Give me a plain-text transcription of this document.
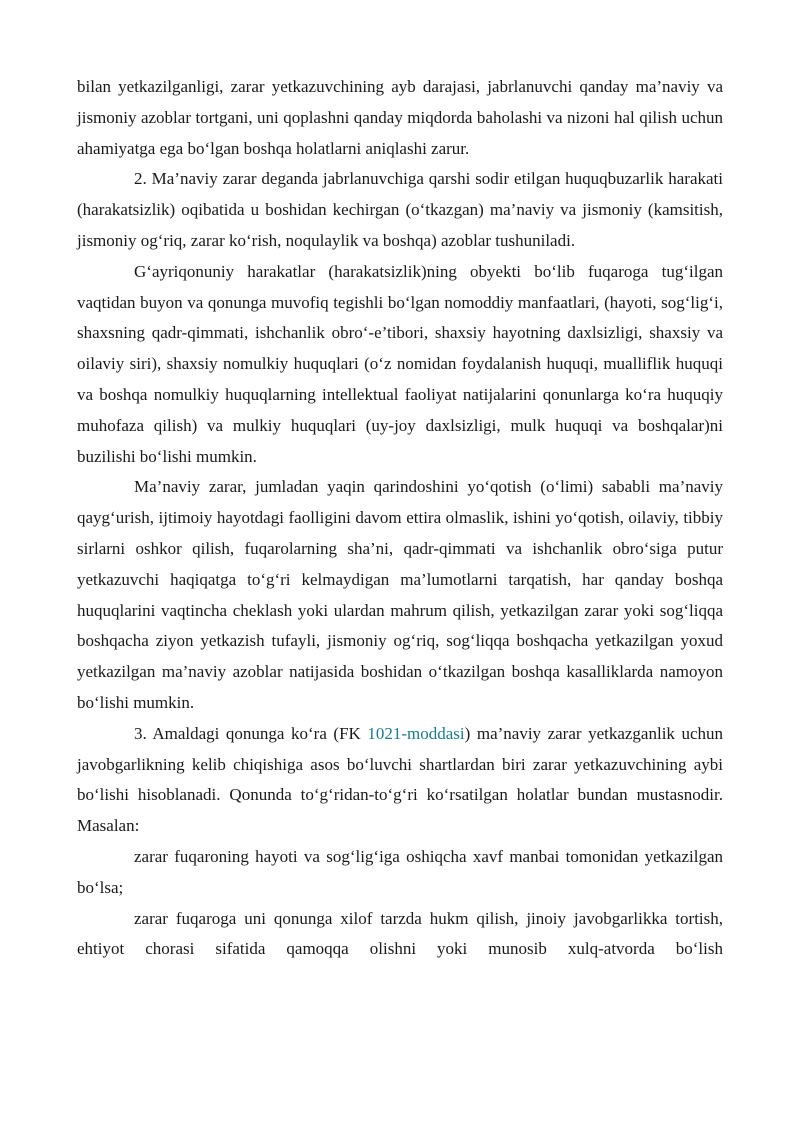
bilan yetkazilganligi, zarar yetkazuvchining ayb darajasi, jabrlanuvchi qanday ma’naviy va jismoniy azoblar tortgani, uni qoplashni qanday miqdorda baholashi va nizoni hal qilish uchun ahamiyatga ega bo‘lgan boshqa holatlarni aniqlashi zarur.

2. Ma’naviy zarar deganda jabrlanuvchiga qarshi sodir etilgan huquqbuzarlik harakati (harakatsizlik) oqibatida u boshidan kechirgan (o‘tkazgan) ma’naviy va jismoniy (kamsitish, jismoniy og‘riq, zarar ko‘rish, noqulaylik va boshqa) azoblar tushuniladi.

G‘ayriqonuniy harakatlar (harakatsizlik)ning obyekti bo‘lib fuqaroga tug‘ilgan vaqtidan buyon va qonunga muvofiq tegishli bo‘lgan nomoddiy manfaatlari, (hayoti, sog‘lig‘i, shaxsning qadr-qimmati, ishchanlik obro‘-e’tibori, shaxsiy hayotning daxlsizligi, shaxsiy va oilaviy siri), shaxsiy nomulkiy huquqlari (o‘z nomidan foydalanish huquqi, mualliflik huquqi va boshqa nomulkiy huquqlarning intellektual faoliyat natijalarini qonunlarga ko‘ra huquqiy muhofaza qilish) va mulkiy huquqlari (uy-joy daxlsizligi, mulk huquqi va boshqalar)ni buzilishi bo‘lishi mumkin.

Ma’naviy zarar, jumladan yaqin qarindoshini yo‘qotish (o‘limi) sababli ma’naviy qayg‘urish, ijtimoiy hayotdagi faolligini davom ettira olmaslik, ishini yo‘qotish, oilaviy, tibbiy sirlarni oshkor qilish, fuqarolarning sha’ni, qadr-qimmati va ishchanlik obro‘siga putur yetkazuvchi haqiqatga to‘g‘ri kelmaydigan ma’lumotlarni tarqatish, har qanday boshqa huquqlarini vaqtincha cheklash yoki ulardan mahrum qilish, yetkazilgan zarar yoki sog‘liqqa boshqacha ziyon yetkazish tufayli, jismoniy og‘riq, sog‘liqqa boshqacha yetkazilgan yoxud yetkazilgan ma’naviy azoblar natijasida boshidan o‘tkazilgan boshqa kasalliklarda namoyon bo‘lishi mumkin.

3. Amaldagi qonunga ko‘ra (FK 1021-moddasi) ma’naviy zarar yetkazganlik uchun javobgarlikning kelib chiqishiga asos bo‘luvchi shartlardan biri zarar yetkazuvchining aybi bo‘lishi hisoblanadi. Qonunda to‘g‘ridan-to‘g‘ri ko‘rsatilgan holatlar bundan mustasnodir. Masalan:

zarar fuqaroning hayoti va sog‘lig‘iga oshiqcha xavf manbai tomonidan yetkazilgan bo‘lsa;

zarar fuqaroga uni qonunga xilof tarzda hukm qilish, jinoiy javobgarlikka tortish, ehtiyot chorasi sifatida qamoqqa olishni yoki munosib xulq-atvorda bo‘lish
